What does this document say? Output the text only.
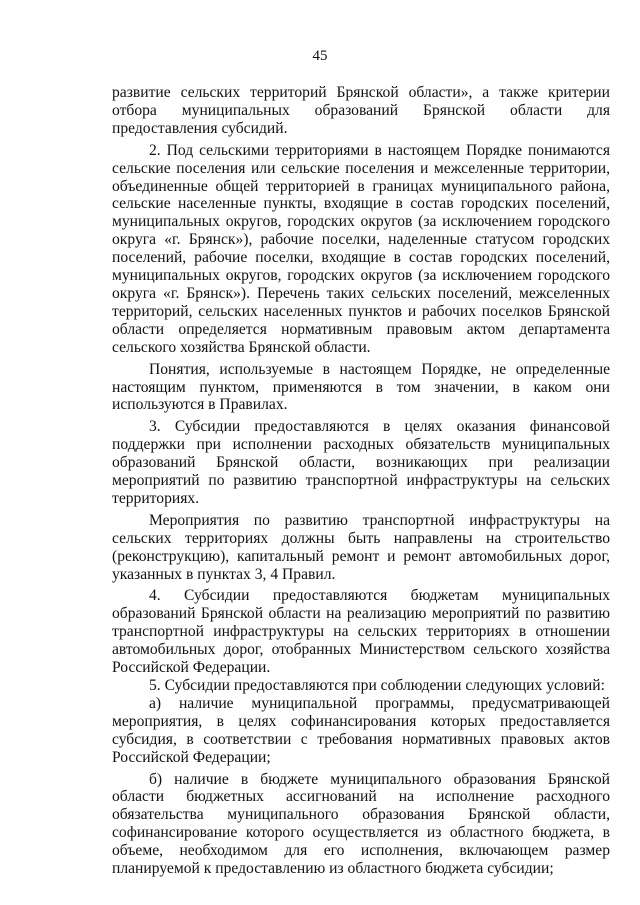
45

развитие сельских территорий Брянской области», а также критерии отбора муниципальных образований Брянской области для предоставления субсидий.

2. Под сельскими территориями в настоящем Порядке понимаются сельские поселения или сельские поселения и межселенные территории, объединенные общей территорией в границах муниципального района, сельские населенные пункты, входящие в состав городских поселений, муниципальных округов, городских округов (за исключением городского округа «г. Брянск»), рабочие поселки, наделенные статусом городских поселений, рабочие поселки, входящие в состав городских поселений, муниципальных округов, городских округов (за исключением городского округа «г. Брянск»). Перечень таких сельских поселений, межселенных территорий, сельских населенных пунктов и рабочих поселков Брянской области определяется нормативным правовым актом департамента сельского хозяйства Брянской области.

Понятия, используемые в настоящем Порядке, не определенные настоящим пунктом, применяются в том значении, в каком они используются в Правилах.

3. Субсидии предоставляются в целях оказания финансовой поддержки при исполнении расходных обязательств муниципальных образований Брянской области, возникающих при реализации мероприятий по развитию транспортной инфраструктуры на сельских территориях.

Мероприятия по развитию транспортной инфраструктуры на сельских территориях должны быть направлены на строительство (реконструкцию), капитальный ремонт и ремонт автомобильных дорог, указанных в пунктах 3, 4 Правил.

4. Субсидии предоставляются бюджетам муниципальных образований Брянской области на реализацию мероприятий по развитию транспортной инфраструктуры на сельских территориях в отношении автомобильных дорог, отобранных Министерством сельского хозяйства Российской Федерации.

5. Субсидии предоставляются при соблюдении следующих условий:

а) наличие муниципальной программы, предусматривающей мероприятия, в целях софинансирования которых предоставляется субсидия, в соответствии с требования нормативных правовых актов Российской Федерации;

б) наличие в бюджете муниципального образования Брянской области бюджетных ассигнований на исполнение расходного обязательства муниципального образования Брянской области, софинансирование которого осуществляется из областного бюджета, в объеме, необходимом для его исполнения, включающем размер планируемой к предоставлению из областного бюджета субсидии;
